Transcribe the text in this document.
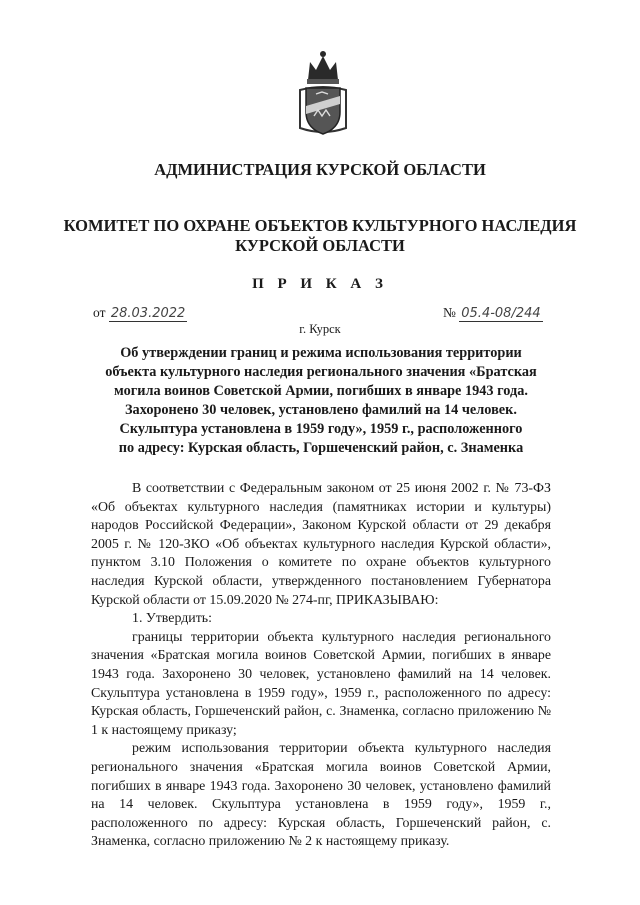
АДМИНИСТРАЦИЯ КУРСКОЙ ОБЛАСТИ
КОМИТЕТ ПО ОХРАНЕ ОБЪЕКТОВ КУЛЬТУРНОГО НАСЛЕДИЯ
КУРСКОЙ ОБЛАСТИ
П Р И К А З
от 28.03.2022	№ 05.4-08/244
г. Курск
Об утверждении границ и режима использования территории
объекта культурного наследия регионального значения «Братская
могила воинов Советской Армии, погибших в январе 1943 года.
Захоронено 30 человек, установлено фамилий на 14 человек.
Скульптура установлена в 1959 году», 1959 г., расположенного
по адресу: Курская область, Горшеченский район, с. Знаменка

В соответствии с Федеральным законом от 25 июня 2002 г. № 73-ФЗ «Об объектах культурного наследия (памятниках истории и культуры) народов Российской Федерации», Законом Курской области от 29 декабря 2005 г. № 120-ЗКО «Об объектах культурного наследия Курской области», пунктом 3.10 Положения о комитете по охране объектов культурного наследия Курской области, утвержденного постановлением Губернатора Курской области от 15.09.2020 № 274-пг, ПРИКАЗЫВАЮ:

1. Утвердить:

границы территории объекта культурного наследия регионального значения «Братская могила воинов Советской Армии, погибших в январе 1943 года. Захоронено 30 человек, установлено фамилий на 14 человек. Скульптура установлена в 1959 году», 1959 г., расположенного по адресу: Курская область, Горшеченский район, с. Знаменка, согласно приложению № 1 к настоящему приказу;

режим использования территории объекта культурного наследия регионального значения «Братская могила воинов Советской Армии, погибших в январе 1943 года. Захоронено 30 человек, установлено фамилий на 14 человек. Скульптура установлена в 1959 году», 1959 г., расположенного по адресу: Курская область, Горшеченский район, с. Знаменка, согласно приложению № 2 к настоящему приказу.
